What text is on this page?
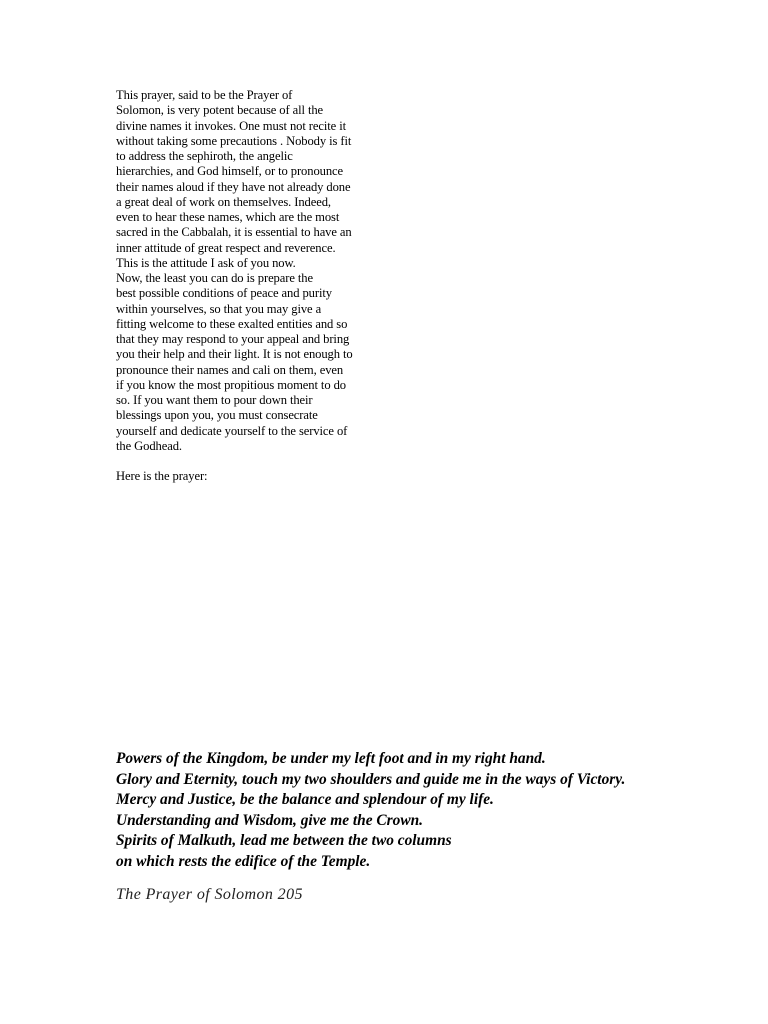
This prayer, said to be the Prayer of
Solomon, is very potent because of all the
divine names it invokes. One must not recite it
without taking some precautions . Nobody is fit
to address the sephiroth, the angelic
hierarchies, and God himself, or to pronounce
their names aloud if they have not already done
a great deal of work on themselves. Indeed,
even to hear these names, which are the most
sacred in the Cabbalah, it is essential to have an
inner attitude of great respect and reverence.
This is the attitude I ask of you now.
Now, the least you can do is prepare the
best possible conditions of peace and purity
within yourselves, so that you may give a
fitting welcome to these exalted entities and so
that they may respond to your appeal and bring
you their help and their light. It is not enough to
pronounce their names and cali on them, even
if you know the most propitious moment to do
so. If you want them to pour down their
blessings upon you, you must consecrate
yourself and dedicate yourself to the service of
the Godhead.
Here is the prayer:
Powers of the Kingdom, be under my left foot and in my right hand.
Glory and Eternity, touch my two shoulders and guide me in the ways of Victory.
Mercy and Justice, be the balance and splendour of my life.
Understanding and Wisdom, give me the Crown.
Spirits of Malkuth, lead me between the two columns
on which rests the edifice of the Temple.
The Prayer of Solomon 205
